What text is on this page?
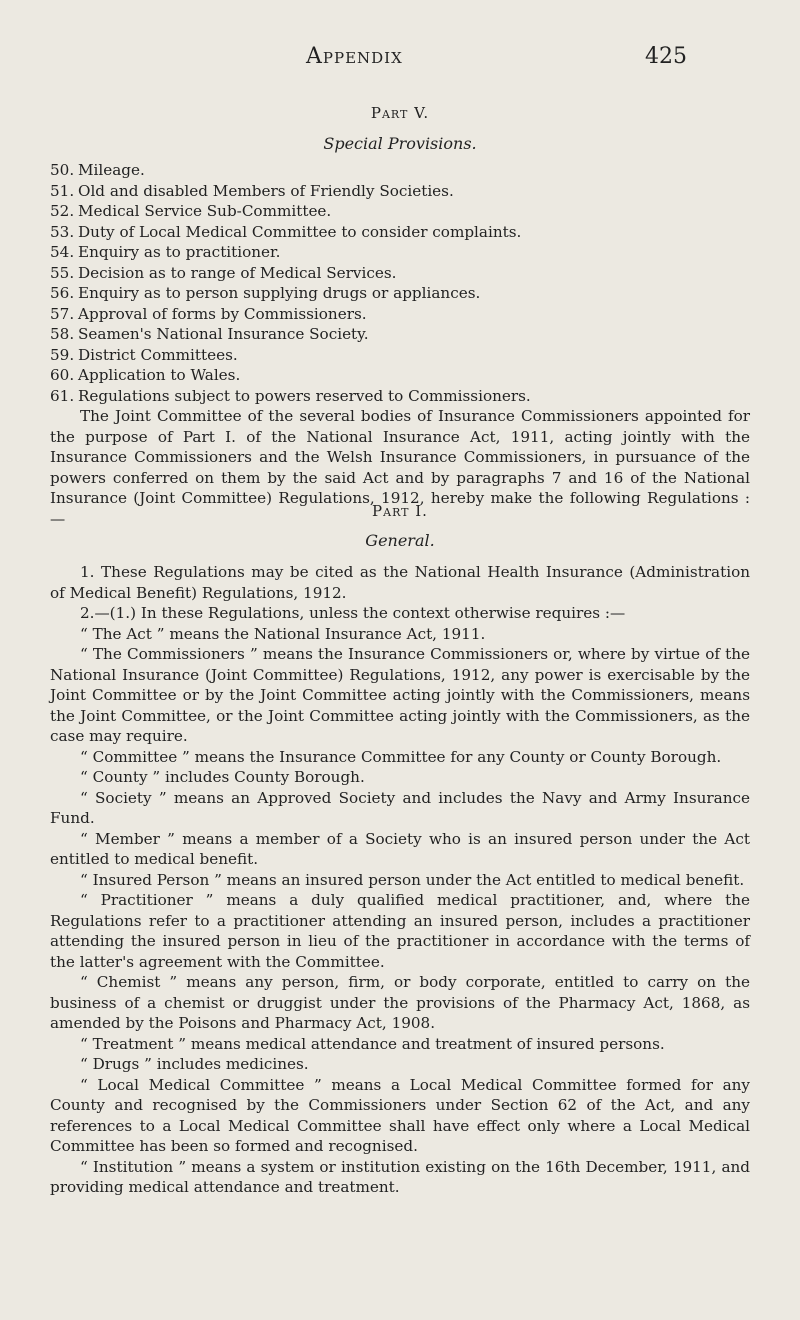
Appendix	425
Part V.
Special Provisions.
50. Mileage.
51. Old and disabled Members of Friendly Societies.
52. Medical Service Sub-Committee.
53. Duty of Local Medical Committee to consider complaints.
54. Enquiry as to practitioner.
55. Decision as to range of Medical Services.
56. Enquiry as to person supplying drugs or appliances.
57. Approval of forms by Commissioners.
58. Seamen's National Insurance Society.
59. District Committees.
60. Application to Wales.
61. Regulations subject to powers reserved to Commissioners.

The Joint Committee of the several bodies of Insurance Commissioners appointed for the purpose of Part I. of the National Insurance Act, 1911, acting jointly with the Insurance Commissioners and the Welsh Insurance Commissioners, in pursuance of the powers conferred on them by the said Act and by paragraphs 7 and 16 of the National Insurance (Joint Committee) Regulations, 1912, hereby make the following Regulations :—	Part I.
General.

1. These Regulations may be cited as the National Health Insurance (Administration of Medical Benefit) Regulations, 1912.

2.—(1.) In these Regulations, unless the context otherwise requires :—

“ The Act ” means the National Insurance Act, 1911.

“ The Commissioners ” means the Insurance Commissioners or, where by virtue of the National Insurance (Joint Committee) Regulations, 1912, any power is exercisable by the Joint Committee or by the Joint Committee acting jointly with the Commissioners, means the Joint Committee, or the Joint Committee acting jointly with the Commissioners, as the case may require.

“ Committee ” means the Insurance Committee for any County or County Borough.

“ County ” includes County Borough.

“ Society ” means an Approved Society and includes the Navy and Army Insurance Fund.

“ Member ” means a member of a Society who is an insured person under the Act entitled to medical benefit.

“ Insured Person ” means an insured person under the Act entitled to medical benefit.

“ Practitioner ” means a duly qualified medical practitioner, and, where the Regulations refer to a practitioner attending an insured person, includes a practitioner attending the insured person in lieu of the practitioner in accordance with the terms of the latter's agreement with the Committee.

“ Chemist ” means any person, firm, or body corporate, entitled to carry on the business of a chemist or druggist under the provisions of the Pharmacy Act, 1868, as amended by the Poisons and Pharmacy Act, 1908.

“ Treatment ” means medical attendance and treatment of insured persons.

“ Drugs ” includes medicines.

“ Local Medical Committee ” means a Local Medical Committee formed for any County and recognised by the Commissioners under Section 62 of the Act, and any references to a Local Medical Committee shall have effect only where a Local Medical Committee has been so formed and recognised.

“ Institution ” means a system or institution existing on the 16th December, 1911, and providing medical attendance and treatment.
